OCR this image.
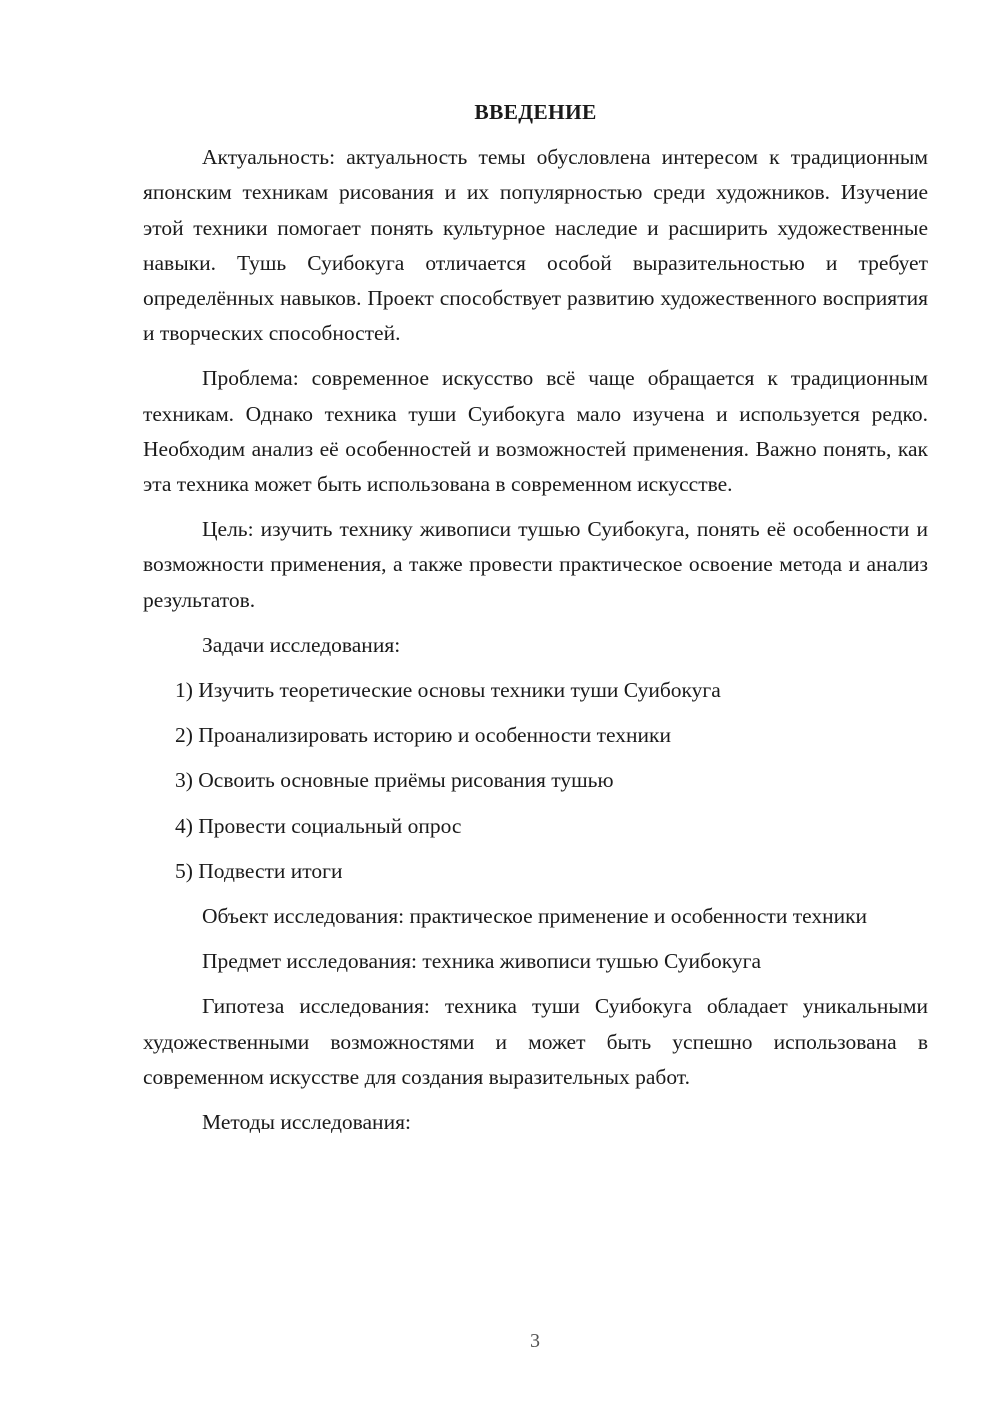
ВВЕДЕНИЕ

Актуальность: актуальность темы обусловлена интересом к традиционным японским техникам рисования и их популярностью среди художников. Изучение этой техники помогает понять культурное наследие и расширить художественные навыки. Тушь Суибокуга отличается особой выразительностью и требует определённых навыков. Проект способствует развитию художественного восприятия и творческих способностей.

Проблема: современное искусство всё чаще обращается к традиционным техникам. Однако техника туши Суибокуга мало изучена и используется редко. Необходим анализ её особенностей и возможностей применения. Важно понять, как эта техника может быть использована в современном искусстве.

Цель: изучить технику живописи тушью Суибокуга, понять её особенности и возможности применения, а также провести практическое освоение метода и анализ результатов.

Задачи исследования:

1) Изучить теоретические основы техники туши Суибокуга

2) Проанализировать историю и особенности техники

3) Освоить основные приёмы рисования тушью

4) Провести социальный опрос

5) Подвести итоги

Объект исследования: практическое применение и особенности техники

Предмет исследования: техника живописи тушью Суибокуга

Гипотеза исследования: техника туши Суибокуга обладает уникальными художественными возможностями и может быть успешно использована в современном искусстве для создания выразительных работ.

Методы исследования:

3
